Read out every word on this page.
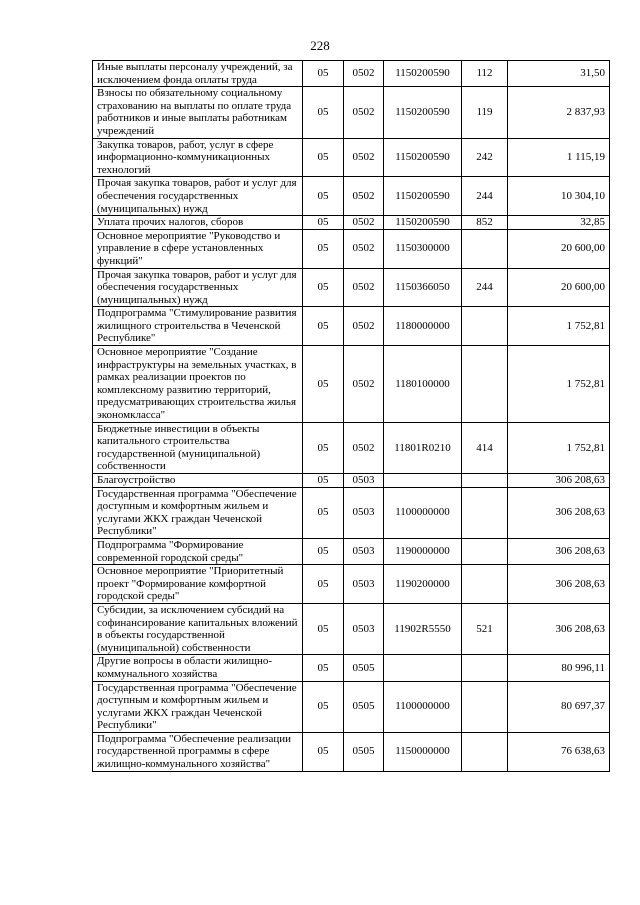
228
Иные выплаты персоналу учреждений, за исключением фонда оплаты труда	05	0502	1150200590	112	31,50
Взносы по обязательному социальному страхованию на выплаты по оплате труда работников и иные выплаты работникам учреждений	05	0502	1150200590	119	2 837,93
Закупка товаров, работ, услуг в сфере информационно-коммуникационных технологий	05	0502	1150200590	242	1 115,19
Прочая закупка товаров, работ и услуг для обеспечения государственных (муниципальных) нужд	05	0502	1150200590	244	10 304,10
Уплата прочих налогов, сборов	05	0502	1150200590	852	32,85
Основное мероприятие "Руководство и управление в сфере установленных функций"	05	0502	1150300000		20 600,00
Прочая закупка товаров, работ и услуг для обеспечения государственных (муниципальных) нужд	05	0502	1150366050	244	20 600,00
Подпрограмма "Стимулирование развития жилищного строительства в Чеченской Республике"	05	0502	1180000000		1 752,81
Основное мероприятие "Создание инфраструктуры на земельных участках, в рамках реализации проектов по комплексному развитию территорий, предусматривающих строительства жилья экономкласса"	05	0502	1180100000		1 752,81
Бюджетные инвестиции в объекты капитального строительства государственной (муниципальной) собственности	05	0502	11801R0210	414	1 752,81
Благоустройство	05	0503			306 208,63
Государственная программа "Обеспечение доступным и комфортным жильем и услугами ЖКХ граждан Чеченской Республики"	05	0503	1100000000		306 208,63
Подпрограмма "Формирование современной городской среды"	05	0503	1190000000		306 208,63
Основное мероприятие "Приоритетный проект "Формирование комфортной городской среды"	05	0503	1190200000		306 208,63
Субсидии, за исключением субсидий на софинансирование капитальных вложений в объекты государственной (муниципальной) собственности	05	0503	11902R5550	521	306 208,63
Другие вопросы в области жилищно-коммунального хозяйства	05	0505			80 996,11
Государственная программа "Обеспечение доступным и комфортным жильем и услугами ЖКХ граждан Чеченской Республики"	05	0505	1100000000		80 697,37
Подпрограмма "Обеспечение реализации государственной программы в сфере жилищно-коммунального хозяйства"	05	0505	1150000000		76 638,63
